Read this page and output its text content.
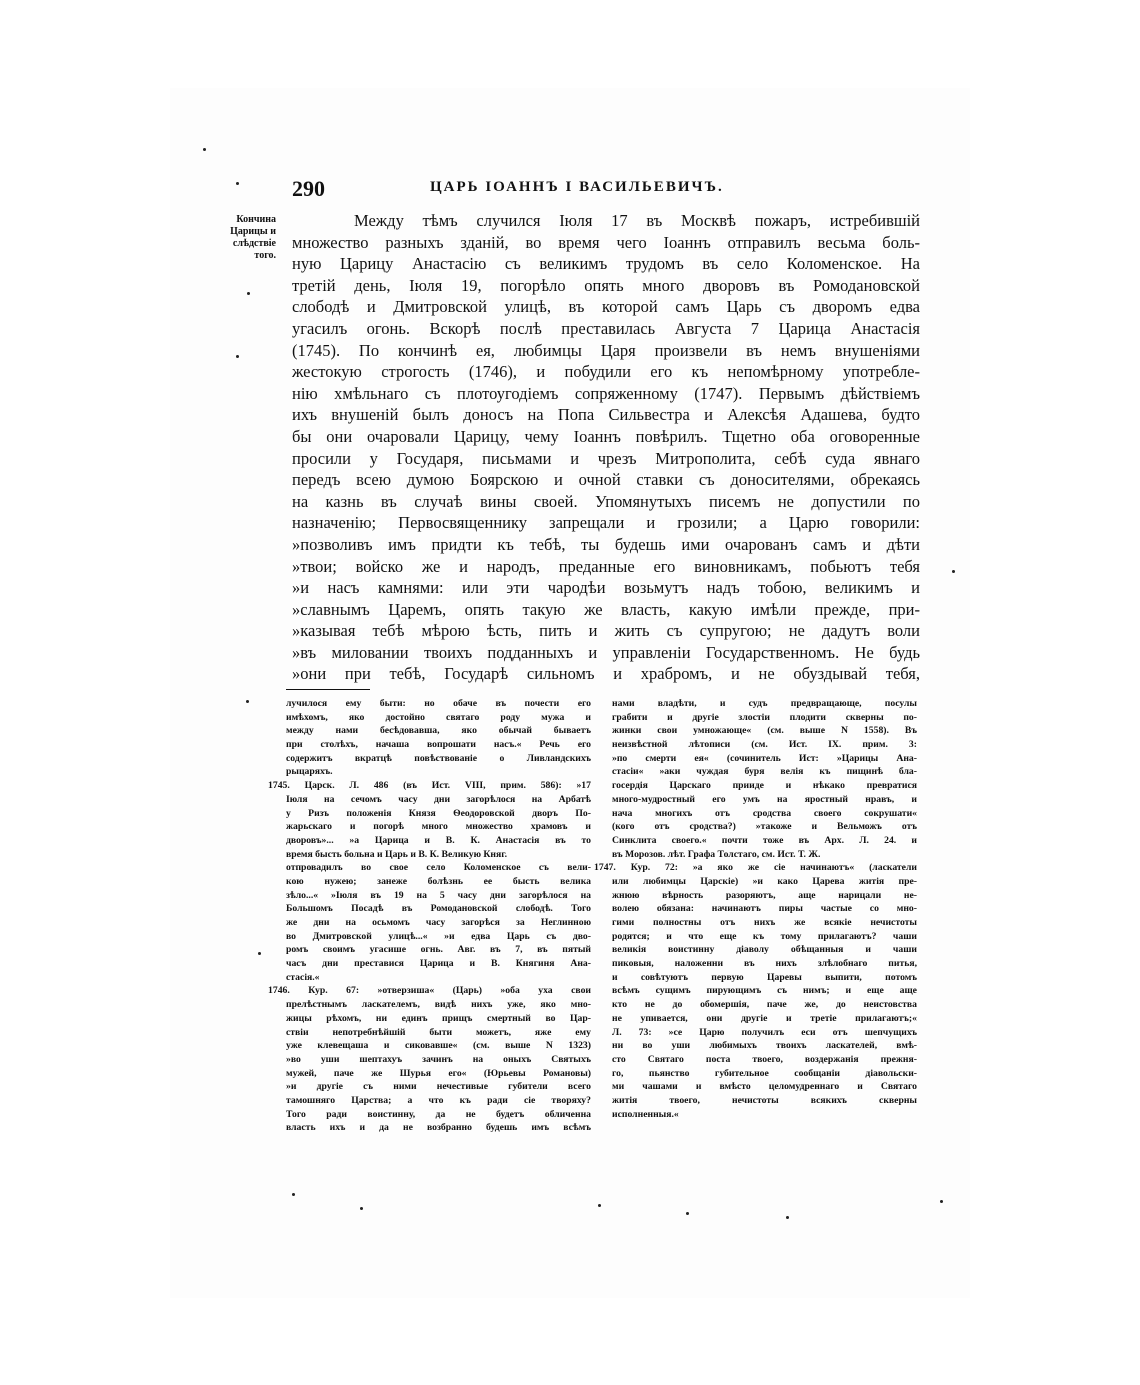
290	ЦАРЬ ІОАННЪ І ВАСИЛЬЕВИЧЪ.
Кончина
Царицы и
слѣдствіе
того.
Между тѣмъ случился Іюля 17 въ Москвѣ пожаръ, истребившій
множество разныхъ зданій, во время чего Іоаннъ отправилъ весьма боль-
ную Царицу Анастасію съ великимъ трудомъ въ село Коломенское. На
третій день, Іюля 19, погорѣло опять много дворовъ въ Ромодановской
слободѣ и Дмитровской улицѣ, въ которой самъ Царь съ дворомъ едва
угасилъ огонь. Вскорѣ послѣ преставилась Августа 7 Царица Анастасія
(1745). По кончинѣ ея, любимцы Царя произвели въ немъ внушеніями
жестокую строгость (1746), и побудили его къ непомѣрному употребле-
нію хмѣльнаго съ плотоугодіемъ сопряженному (1747). Первымъ дѣйствіемъ
ихъ внушеній былъ доносъ на Попа Сильвестра и Алексѣя Адашева, будто
бы они очаровали Царицу, чему Іоаннъ повѣрилъ. Тщетно оба оговоренные
просили у Государя, письмами и чрезъ Митрополита, себѣ суда явнаго
передъ всею думою Боярскою и очной ставки съ доносителями, обрекаясь
на казнь въ случаѣ вины своей. Упомянутыхъ писемъ не допустили по
назначенію; Первосвященнику запрещали и грозили; а Царю говорили:
»позволивъ имъ придти къ тебѣ, ты будешь ими очарованъ самъ и дѣти
»твои; войско же и народъ, преданные его виновникамъ, побьютъ тебя
»и насъ камнями: или эти чародѣи возьмутъ надъ тобою, великимъ и
»славнымъ Царемъ, опять такую же власть, какую имѣли прежде, при-
»казывая тебѣ мѣрою ѣсть, пить и жить съ супругою; не дадутъ воли
»въ миловании твоихъ подданныхъ и управленіи Государственномъ. Не будь
»они при тебѣ, Государѣ сильномъ и храбромъ, и не обуздывай тебя,
лучилося ему быти: но обаче въ почести его
имѣхомъ, яко достойно святаго роду мужа и
между нами бесѣдовавша, яко обычай бываетъ
при столѣхъ, начаша вопрошати насъ.« Речь его
содержитъ вкратцѣ повѣствованіе о Ливландскихъ
рыцаряхъ.
1745. Царск. Л. 486 (въ Ист. VIII, прим. 586): »17
Іюля на сечомъ часу дни загорѣлося на Арбатѣ
у Ризъ положенія Князя Ѳеодоровской дворъ По-
жарьскаго и погорѣ много множество храмовъ и
дворовъ»... »а Царица и В. К. Анастасія въ то
время бысть больна и Царь и В. К. Великую Княг.
отпровадилъ во свое село Коломенское съ вели-
кою нужею; занеже болѣзнь ее бысть велика
зѣло...« »Іюля въ 19 на 5 часу дни загорѣлося на
Большомъ Посадѣ въ Ромодановской слободѣ. Того
же дни на осьмомъ часу загорѣся за Неглинною
во Дмитровской улицѣ...« »и едва Царь съ дво-
ромъ своимъ угасише огнь. Авг. въ 7, въ пятый
часъ дни преставися Царица и В. Княгиня Ана-
стасія.«
1746. Кур. 67: »отверзиша« (Царь) »оба уха свои
прелѣстнымъ ласкателемъ, видѣ нихъ уже, яко мно-
жицы рѣхомъ, ни единъ прищъ смертный во Цар-
ствіи непотребнѣйшій быти можетъ, яже ему
уже клевещаша и сиковавше« (см. выше N 1323)
»во уши шептахуъ зачинъ на оныхъ Святыхъ
мужей, паче же Шурья его« (Юрьевы Романовы)
»и другіе съ ними нечестивые губители всего
тамошняго Царства; а что къ ради сіе творяху?
Того ради воистинну, да не будетъ обличенна
власть ихъ и да не возбранно будешь имъ всѣмъ
нами владѣти, и судъ предвращающе, посулы
грабити и другіе злостіи плодити скверны по-
жинки свои умножающе« (см. выше N 1558). Въ
неизвѣстной лѣтописи (см. Ист. IX. прим. 3:
»по смерти ея« (сочинитель Ист: »Царицы Ана-
стасіи« »аки чуждая буря велія къ пищинѣ бла-
госердія Царскаго прииде и нѣкако превратися
много-мудростный его умъ на яростный нравъ, и
нача многихъ отъ сродства своего сокрушати«
(кого отъ сродства?) »такоже и Вельможъ отъ
Синклита своего.« почти тоже въ Арх. Л. 24. и
въ Морозов. лѣт. Графа Толстаго, см. Ист. Т. Ж.
1747. Кур. 72: »а яко же сіе начинаютъ« (ласкатели
или любимцы Царскіе) »и како Царева житія пре-
жнюю вѣрность разоряютъ, аще нарицали не-
волею обязана: начинаютъ пиры частые со мно-
гими полностны отъ нихъ же всякіе нечистоты
родятся; и что еще къ тому прилагаютъ? чаши
великія воистинну діаволу обѣщанныя и чаши
пиковыя, наложенни въ нихъ злѣлобнаго питья,
и совѣтуютъ первую Царевы выпити, потомъ
всѣмъ сущимъ пирующимъ съ нимъ; и еще аще
кто не до обомершія, паче же, до неистовства
не упивается, они другіе и третіе прилагаютъ;«
Л. 73: »се Царю получилъ еси отъ шепчущихъ
ни во уши любимыхъ твоихъ ласкателей, вмѣ-
сто Святаго поста твоего, воздержанія прежня-
го, пьянство губительное сообщаніи діавольски-
ми чашами и вмѣсто целомудреннаго и Святаго
житія твоего, нечистоты всякихъ скверны
исполненныя.«
